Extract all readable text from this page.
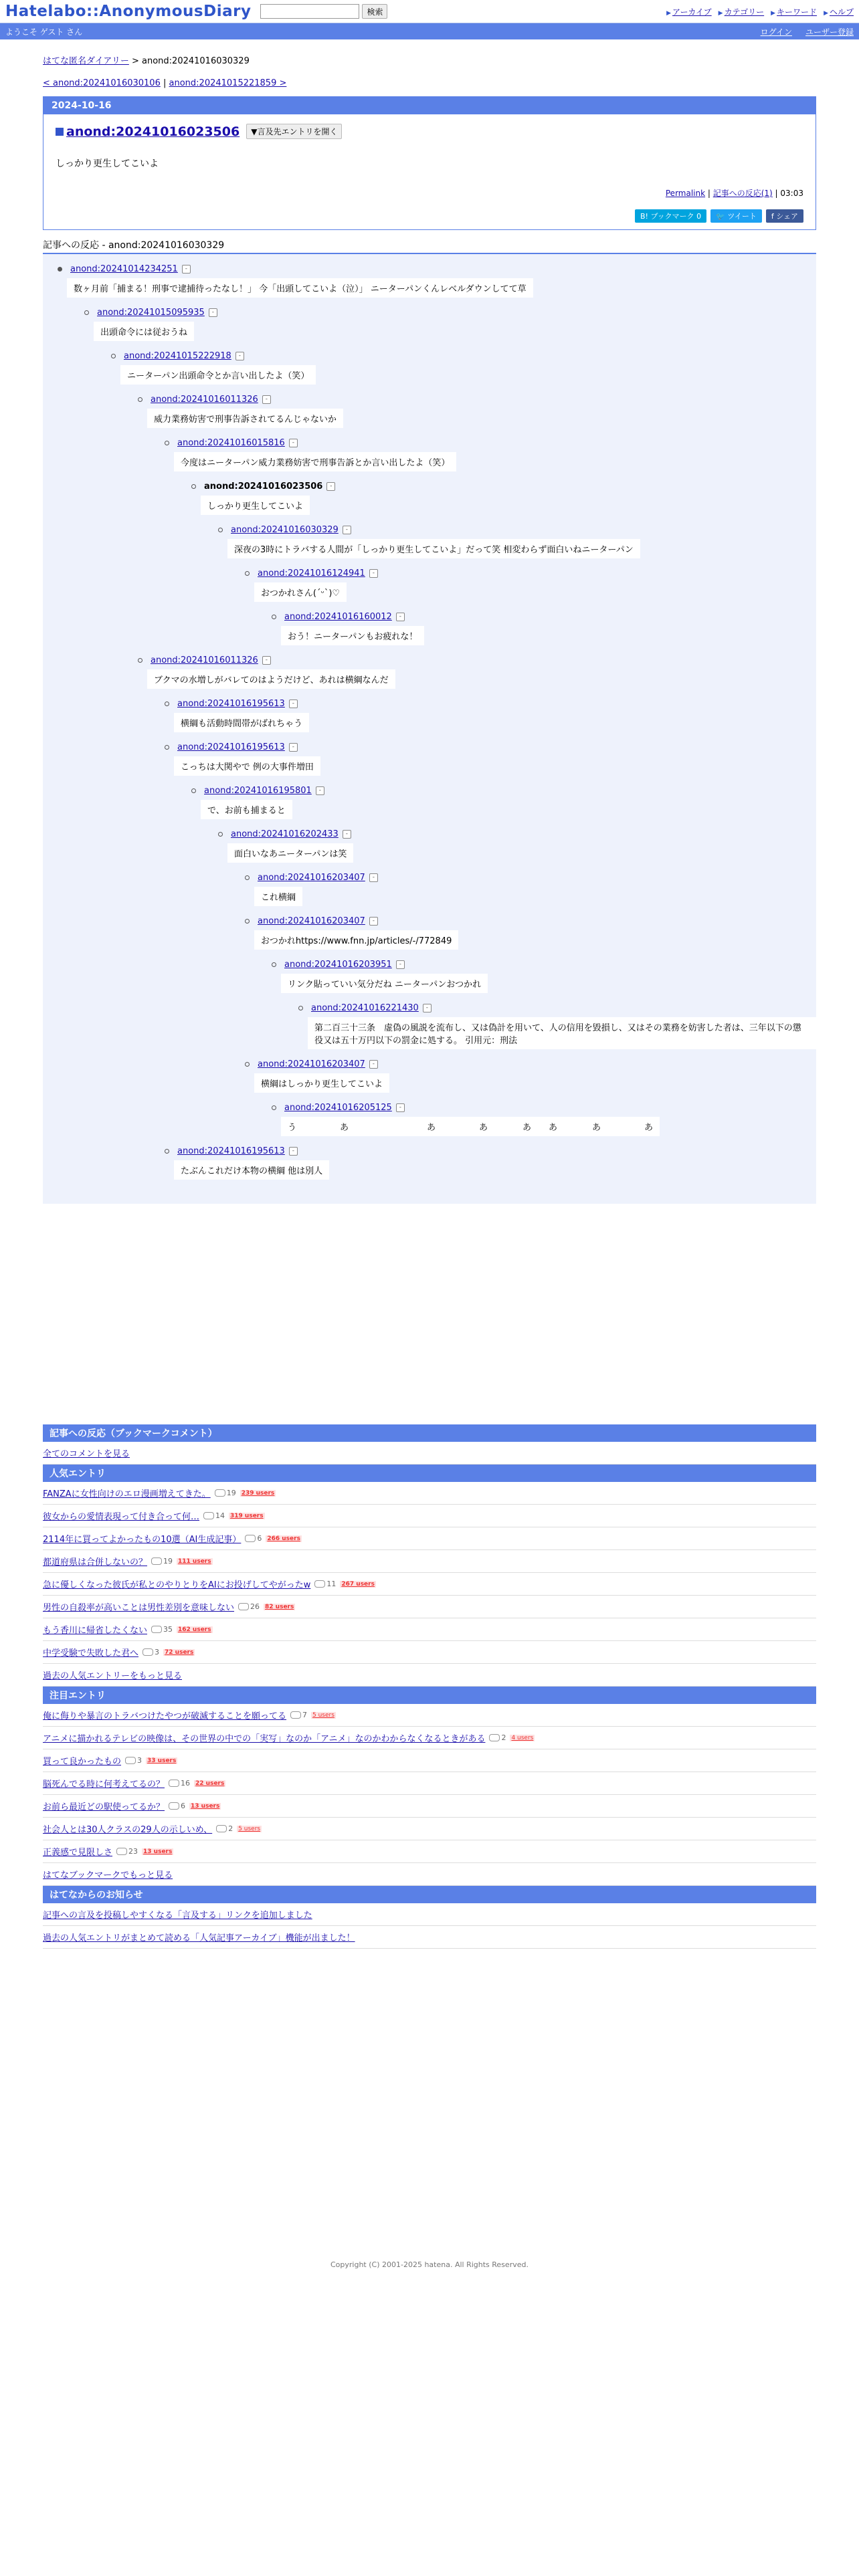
Hatelabo::AnonymousDiary	検索	▶ アーカイブ ▶ カテゴリー ▶ キーワード ▶ ヘルプ
ようこそ ゲスト さん	ログイン ユーザー登録
はてな匿名ダイアリー > anond:20241016030329
< anond:20241016030106 | anond:20241015221859 >
2024-10-16
anond:20241016023506	▼言及先エントリを開く
しっかり更生してこいよ
Permalink | 記事への反応(1) | 03:03
B! ブックマーク 0	🐦 ツイート	f シェア
記事への反応 - anond:20241016030329
anond:20241014234251	-
数ヶ月前「捕まる！刑事で逮捕待ったなし！」 今「出頭してこいよ（泣）」 ニーターパンくんレベルダウンしてて草
anond:20241015095935	-
出頭命令には従おうね
anond:20241015222918	-
ニーターパン出頭命令とか言い出したよ（笑）
anond:20241016011326	-
威力業務妨害で刑事告訴されてるんじゃないか
anond:20241016015816	-
今度はニーターパン威力業務妨害で刑事告訴とか言い出したよ（笑）
anond:20241016023506	-
しっかり更生してこいよ
anond:20241016030329	-
深夜の3時にトラバする人間が「しっかり更生してこいよ」だって笑 相変わらず面白いねニーターパン
anond:20241016124941	-
おつかれさん(ˊᵕˋ)♡
anond:20241016160012	-
おう！ニーターパンもお疲れな！
anond:20241016011326	-
ブクマの水増しがバレてのはようだけど、あれは横綱なんだ
anond:20241016195613	-
横綱も活動時間帯がばれちゃう
anond:20241016195613	-
こっちは大関やで 例の大事件増田
anond:20241016195801	-
で、お前も捕まると
anond:20241016202433	-
面白いなあニーターパンは笑
anond:20241016203407	-
これ横綱
anond:20241016203407	-
おつかれhttps://www.fnn.jp/articles/-/772849
anond:20241016203951	-
リンク貼っていい気分だね ニーターパンおつかれ
anond:20241016221430	-
第二百三十三条　虚偽の風説を流布し、又は偽計を用いて、人の信用を毀損し、又はその業務を妨害した者は、三年以下の懲役又は五十万円以下の罰金に処する。 引用元：刑法
anond:20241016203407	-
横綱はしっかり更生してこいよ
anond:20241016205125	-
う　　　　　あ　　　　　　　　　あ　　　　　あ　　　　あ　　あ　　　　あ　　　　　あ
anond:20241016195613	-
たぶんこれだけ本物の横綱 他は別人
記事への反応（ブックマークコメント）
全てのコメントを見る
人気エントリ
FANZAに女性向けのエロ漫画増えてきた。 19 239 users
彼女からの愛情表現って付き合って何… 14 319 users
2114年に買ってよかったもの10選（AI生成記事） 6 266 users
都道府県は合併しないの？ 19 111 users
急に優しくなった彼氏が私とのやりとりをAIにお投げしてやがったw 11 267 users
男性の自殺率が高いことは男性差別を意味しない 26 82 users
もう香川に帰省したくない 35 162 users
中学受験で失敗した君へ 3 72 users
過去の人気エントリーをもっと見る
注目エントリ
俺に侮りや暴言のトラバつけたやつが破滅することを願ってる 7 5 users
アニメに描かれるテレビの映像は、その世界の中での「実写」なのか「アニメ」なのかわからなくなるときがある 2 4 users
買って良かったもの 3 33 users
脳死んでる時に何考えてるの？ 16 22 users
お前ら最近どの駅使ってるか？ 6 13 users
社会人とは30人クラスの29人の示しいめ、 2 5 users
正義感で見限しさ 23 13 users
はてなブックマークでもっと見る
はてなからのお知らせ
記事への言及を投稿しやすくなる「言及する」リンクを追加しました
過去の人気エントリがまとめて読める「人気記事アーカイブ」機能が出ました！
Copyright (C) 2001-2025 hatena. All Rights Reserved.
